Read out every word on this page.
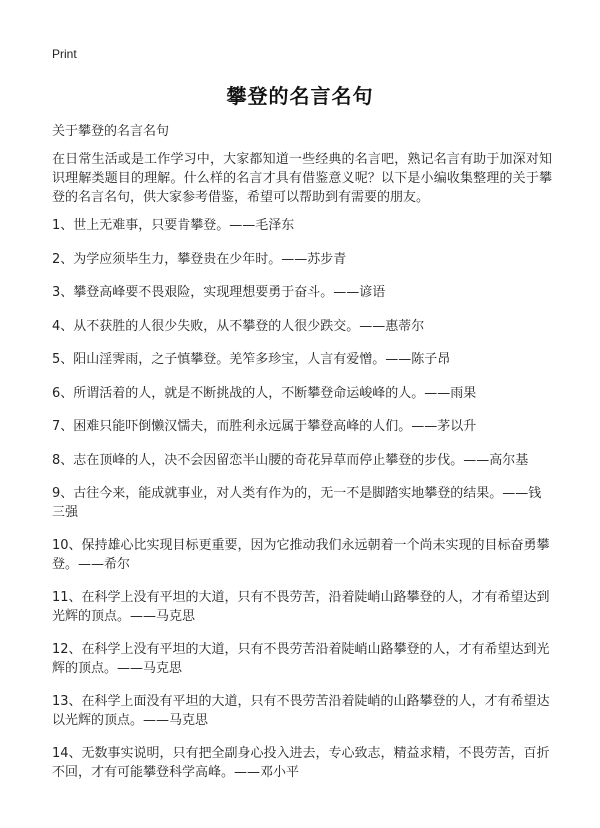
Print
攀登的名言名句
关于攀登的名言名句

在日常生活或是工作学习中，大家都知道一些经典的名言吧，熟记名言有助于加深对知识理解类题目的理解。什么样的名言才具有借鉴意义呢？以下是小编收集整理的关于攀登的名言名句，供大家参考借鉴，希望可以帮助到有需要的朋友。

1、世上无难事，只要肯攀登。——毛泽东
2、为学应须毕生力，攀登贵在少年时。——苏步青
3、攀登高峰要不畏艰险，实现理想要勇于奋斗。——谚语
4、从不获胜的人很少失败，从不攀登的人很少跌交。——惠蒂尔
5、阳山淫霁雨，之子慎攀登。羌笮多珍宝，人言有爱憎。——陈子昂
6、所谓活着的人，就是不断挑战的人，不断攀登命运峻峰的人。——雨果
7、困难只能吓倒懒汉懦夫，而胜利永远属于攀登高峰的人们。——茅以升
8、志在顶峰的人，决不会因留恋半山腰的奇花异草而停止攀登的步伐。——高尔基
9、古往今来，能成就事业，对人类有作为的，无一不是脚踏实地攀登的结果。——钱三强
10、保持雄心比实现目标更重要，因为它推动我们永远朝着一个尚未实现的目标奋勇攀登。——希尔
11、在科学上没有平坦的大道，只有不畏劳苦，沿着陡峭山路攀登的人，才有希望达到光辉的顶点。——马克思
12、在科学上没有平坦的大道，只有不畏劳苦沿着陡峭山路攀登的人，才有希望达到光辉的顶点。——马克思
13、在科学上面没有平坦的大道，只有不畏劳苦沿着陡峭的山路攀登的人，才有希望达以光辉的顶点。——马克思
14、无数事实说明，只有把全副身心投入进去，专心致志，精益求精，不畏劳苦，百折不回，才有可能攀登科学高峰。——邓小平
